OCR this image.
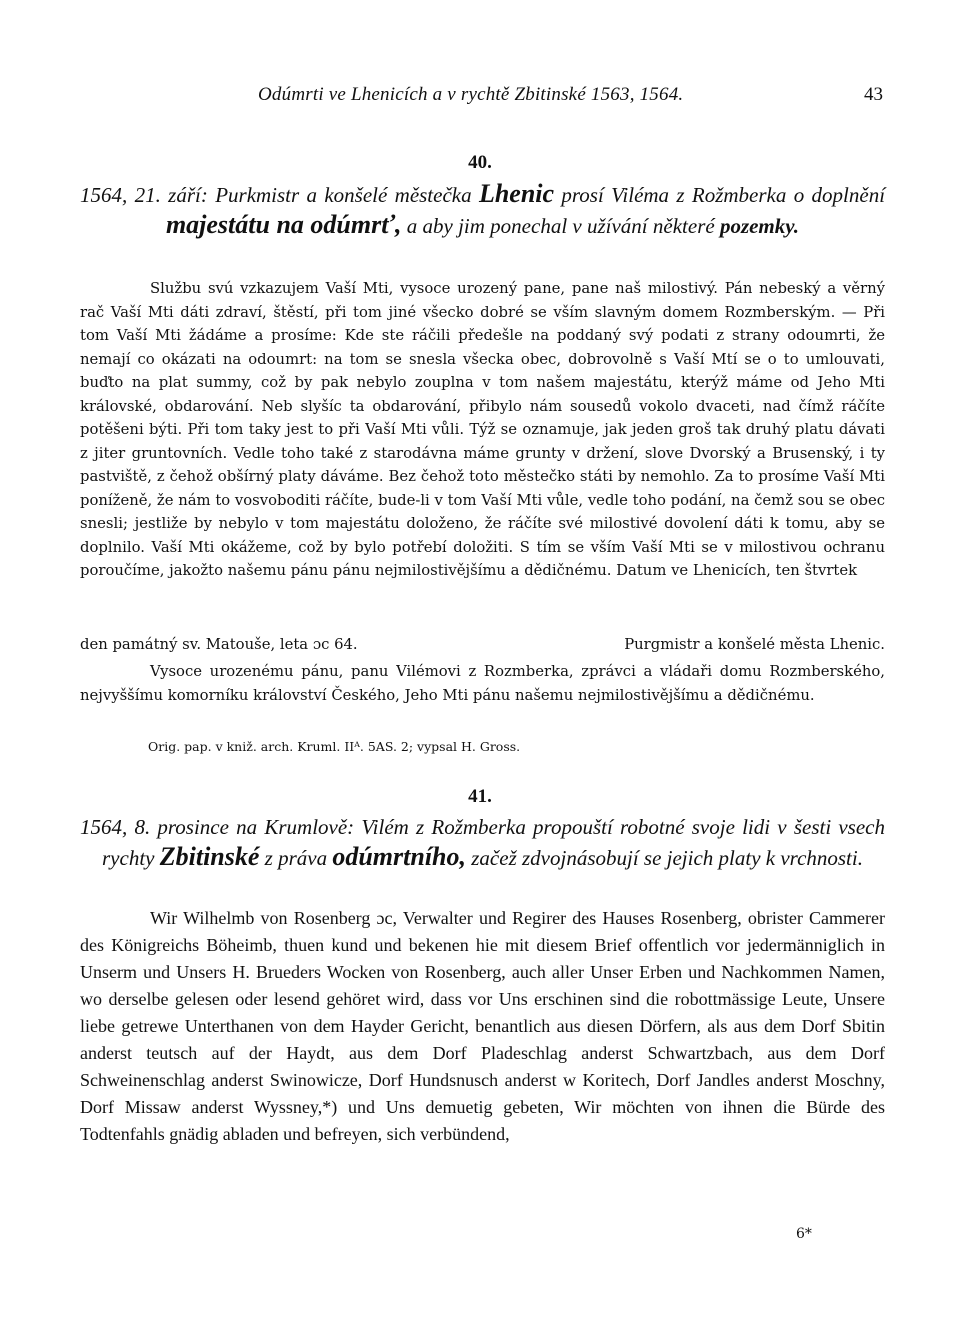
Odúmrti ve Lhenicích a v rychtě Zbitinské 1563, 1564.	43
40.
1564, 21. září: Purkmistr a konšelé městečka Lhenic prosí Viléma z Rožmberka o doplnění majestátu na odúmrť, a aby jim ponechal v užívání některé pozemky.
Službu svú vzkazujem Vaší Mti, vysoce urozený pane, pane naš milostivý. Pán nebeský a věrný rač Vaší Mti dáti zdraví, štěstí, při tom jiné všecko dobré se vším slavným domem Rozmberským. — Při tom Vaší Mti žádáme a prosíme: Kde ste ráčili předešle na poddaný svý podati z strany odoumrti, že nemají co okázati na odoumrt: na tom se snesla všecka obec, dobrovolně s Vaší Mtí se o to umlouvati, buďto na plat summy, což by pak nebylo zouplna v tom našem majestátu, kterýž máme od Jeho Mti královské, obdarování. Neb slyšíc ta obdarování, přibylo nám sousedů vokolo dvaceti, nad čímž ráčíte potěšeni býti. Při tom taky jest to při Vaší Mti vůli. Týž se oznamuje, jak jeden groš tak druhý platu dávati z jiter gruntovních. Vedle toho také z starodávna máme grunty v držení, slove Dvorský a Brusenský, i ty pastviště, z čehož obšírný platy dáváme. Bez čehož toto městečko státi by nemohlo. Za to prosíme Vaší Mti poníženě, že nám to vosvoboditi ráčíte, bude-li v tom Vaší Mti vůle, vedle toho podání, na čemž sou se obec snesli; jestliže by nebylo v tom majestátu doloženo, že ráčíte své milostivé dovolení dáti k tomu, aby se doplnilo. Vaší Mti okážeme, což by bylo potřebí doložiti. S tím se vším Vaší Mti se v milostivou ochranu poroučíme, jakožto našemu pánu pánu nejmilostivějšímu a dědičnému. Datum ve Lhenicích, ten štvrtek
den památný sv. Matouše, leta ɔc 64.	Purgmistr a konšelé města Lhenic.
Vysoce urozenému pánu, panu Vilémovi z Rozmberka, zprávci a vládaři domu Rozmberského, nejvyššímu komorníku království Českého, Jeho Mti pánu našemu nejmilostivějšímu a dědičnému.
Orig. pap. v kniž. arch. Kruml. IIᴬ. 5AS. 2; vypsal H. Gross.
41.
1564, 8. prosince na Krumlově: Vilém z Rožmberka propouští robotné svoje lidi v šesti vsech rychty Zbitinské z práva odúmrtního, začež zdvojnásobují se jejich platy k vrchnosti.
Wir Wilhelmb von Rosenberg ɔc, Verwalter und Regirer des Hauses Rosenberg, obrister Cammerer des Königreichs Böheimb, thuen kund und bekenen hie mit diesem Brief offentlich vor jedermänniglich in Unserm und Unsers H. Brueders Wocken von Rosenberg, auch aller Unser Erben und Nachkommen Namen, wo derselbe gelesen oder lesend gehöret wird, dass vor Uns erschinen sind die robottmässige Leute, Unsere liebe getrewe Unterthanen von dem Hayder Gericht, benantlich aus diesen Dörfern, als aus dem Dorf Sbitin anderst teutsch auf der Haydt, aus dem Dorf Pladeschlag anderst Schwartzbach, aus dem Dorf Schweinenschlag anderst Swinowicze, Dorf Hundsnusch anderst w Koritech, Dorf Jandles anderst Moschny, Dorf Missaw anderst Wyssney,*) und Uns demuetig gebeten, Wir möchten von ihnen die Bürde des Todtenfahls gnädig abladen und befreyen, sich verbündend,
6*
